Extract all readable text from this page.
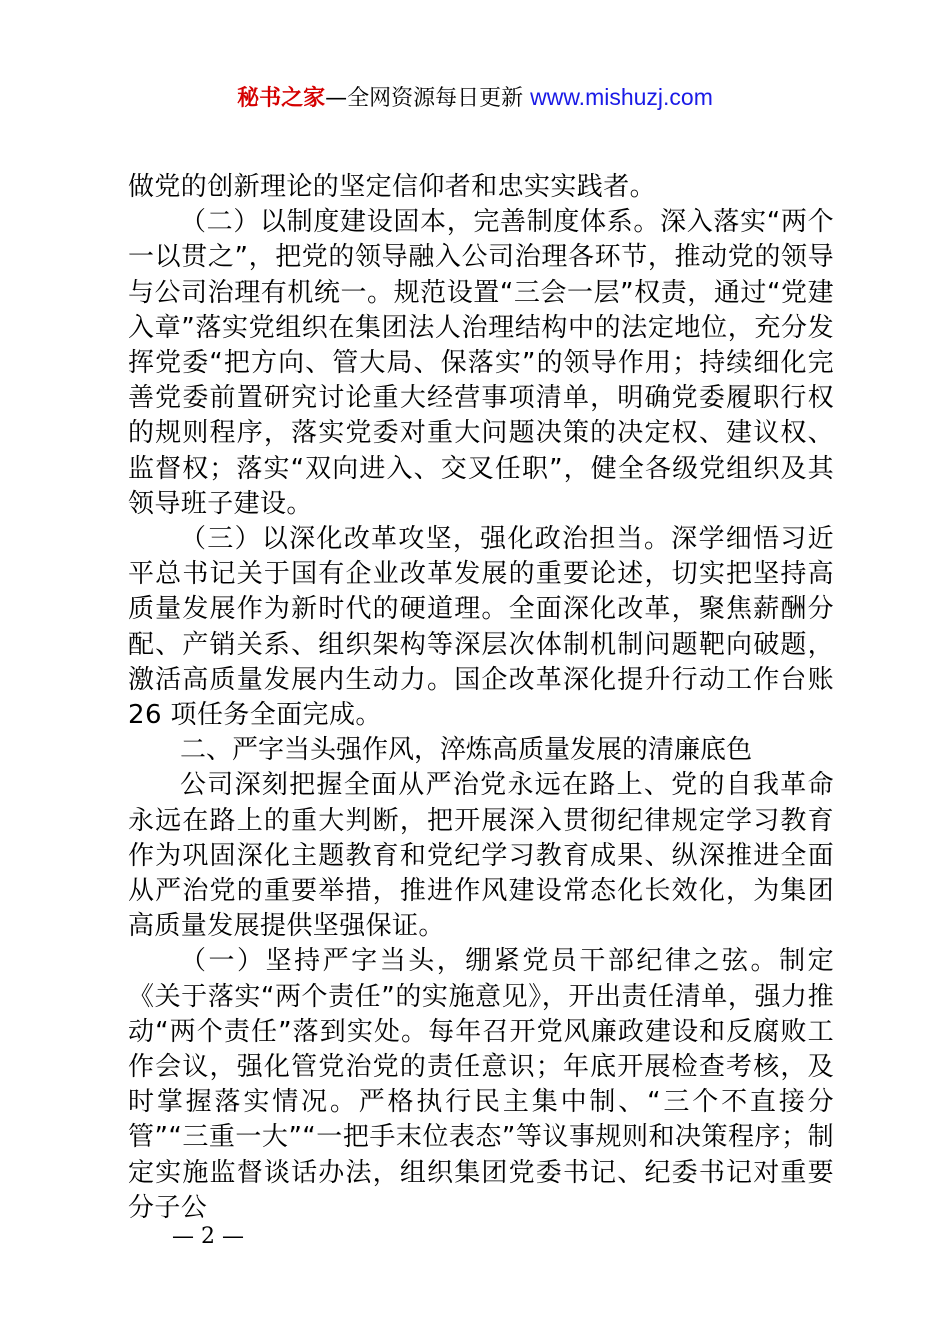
秘书之家—全网资源每日更新 www.mishuzj.com

做党的创新理论的坚定信仰者和忠实实践者。

（二）以制度建设固本，完善制度体系。深入落实“两个一以贯之”，把党的领导融入公司治理各环节，推动党的领导与公司治理有机统一。规范设置“三会一层”权责，通过“党建入章”落实党组织在集团法人治理结构中的法定地位，充分发挥党委“把方向、管大局、保落实”的领导作用；持续细化完善党委前置研究讨论重大经营事项清单，明确党委履职行权的规则程序，落实党委对重大问题决策的决定权、建议权、监督权；落实“双向进入、交叉任职”，健全各级党组织及其领导班子建设。

（三）以深化改革攻坚，强化政治担当。深学细悟习近平总书记关于国有企业改革发展的重要论述，切实把坚持高质量发展作为新时代的硬道理。全面深化改革，聚焦薪酬分配、产销关系、组织架构等深层次体制机制问题靶向破题，激活高质量发展内生动力。国企改革深化提升行动工作台账 26 项任务全面完成。

二、严字当头强作风，淬炼高质量发展的清廉底色

公司深刻把握全面从严治党永远在路上、党的自我革命永远在路上的重大判断，把开展深入贯彻纪律规定学习教育作为巩固深化主题教育和党纪学习教育成果、纵深推进全面从严治党的重要举措，推进作风建设常态化长效化，为集团高质量发展提供坚强保证。

（一）坚持严字当头，绷紧党员干部纪律之弦。制定《关于落实“两个责任”的实施意见》，开出责任清单，强力推动“两个责任”落到实处。每年召开党风廉政建设和反腐败工作会议，强化管党治党的责任意识；年底开展检查考核，及时掌握落实情况。严格执行民主集中制、“三个不直接分管”“三重一大”“一把手末位表态”等议事规则和决策程序；制定实施监督谈话办法，组织集团党委书记、纪委书记对重要分子公

— 2 —
